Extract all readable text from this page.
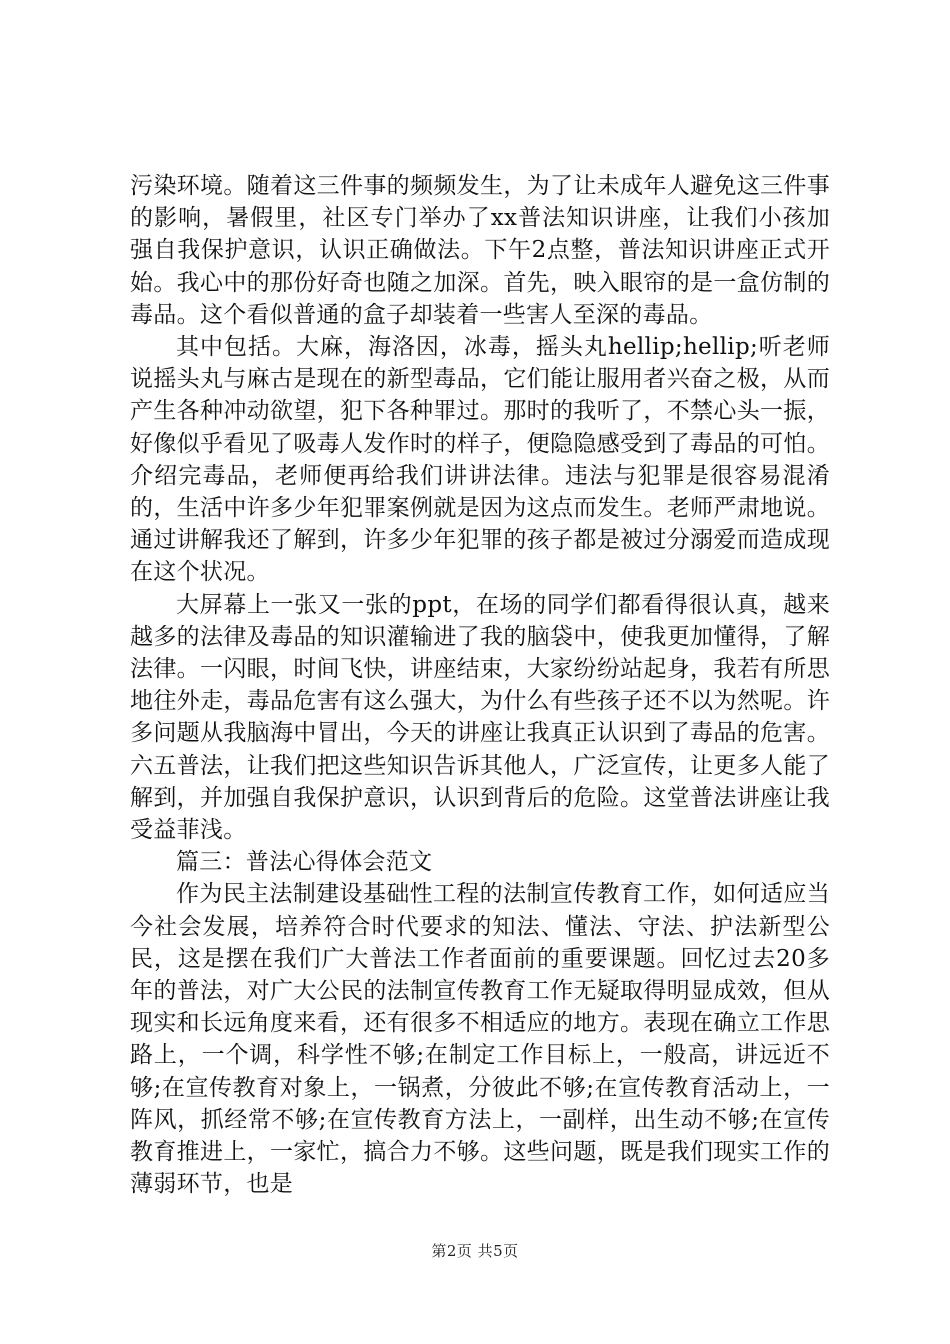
污染环境。随着这三件事的频频发生，为了让未成年人避免这三件事的影响，暑假里，社区专门举办了xx普法知识讲座，让我们小孩加强自我保护意识，认识正确做法。下午2点整，普法知识讲座正式开始。我心中的那份好奇也随之加深。首先，映入眼帘的是一盒仿制的毒品。这个看似普通的盒子却装着一些害人至深的毒品。

其中包括。大麻，海洛因，冰毒，摇头丸hellip;hellip;听老师说摇头丸与麻古是现在的新型毒品，它们能让服用者兴奋之极，从而产生各种冲动欲望，犯下各种罪过。那时的我听了，不禁心头一振，好像似乎看见了吸毒人发作时的样子，便隐隐感受到了毒品的可怕。介绍完毒品，老师便再给我们讲讲法律。违法与犯罪是很容易混淆的，生活中许多少年犯罪案例就是因为这点而发生。老师严肃地说。通过讲解我还了解到，许多少年犯罪的孩子都是被过分溺爱而造成现在这个状况。

大屏幕上一张又一张的ppt，在场的同学们都看得很认真，越来越多的法律及毒品的知识灌输进了我的脑袋中，使我更加懂得，了解法律。一闪眼，时间飞快，讲座结束，大家纷纷站起身，我若有所思地往外走，毒品危害有这么强大，为什么有些孩子还不以为然呢。许多问题从我脑海中冒出，今天的讲座让我真正认识到了毒品的危害。六五普法，让我们把这些知识告诉其他人，广泛宣传，让更多人能了解到，并加强自我保护意识，认识到背后的危险。这堂普法讲座让我受益菲浅。

篇三：普法心得体会范文

作为民主法制建设基础性工程的法制宣传教育工作，如何适应当今社会发展，培养符合时代要求的知法、懂法、守法、护法新型公民，这是摆在我们广大普法工作者面前的重要课题。回忆过去20多年的普法，对广大公民的法制宣传教育工作无疑取得明显成效，但从现实和长远角度来看，还有很多不相适应的地方。表现在确立工作思路上，一个调，科学性不够;在制定工作目标上，一般高，讲远近不够;在宣传教育对象上，一锅煮，分彼此不够;在宣传教育活动上，一阵风，抓经常不够;在宣传教育方法上，一副样，出生动不够;在宣传教育推进上，一家忙，搞合力不够。这些问题，既是我们现实工作的薄弱环节，也是

第2页 共5页
